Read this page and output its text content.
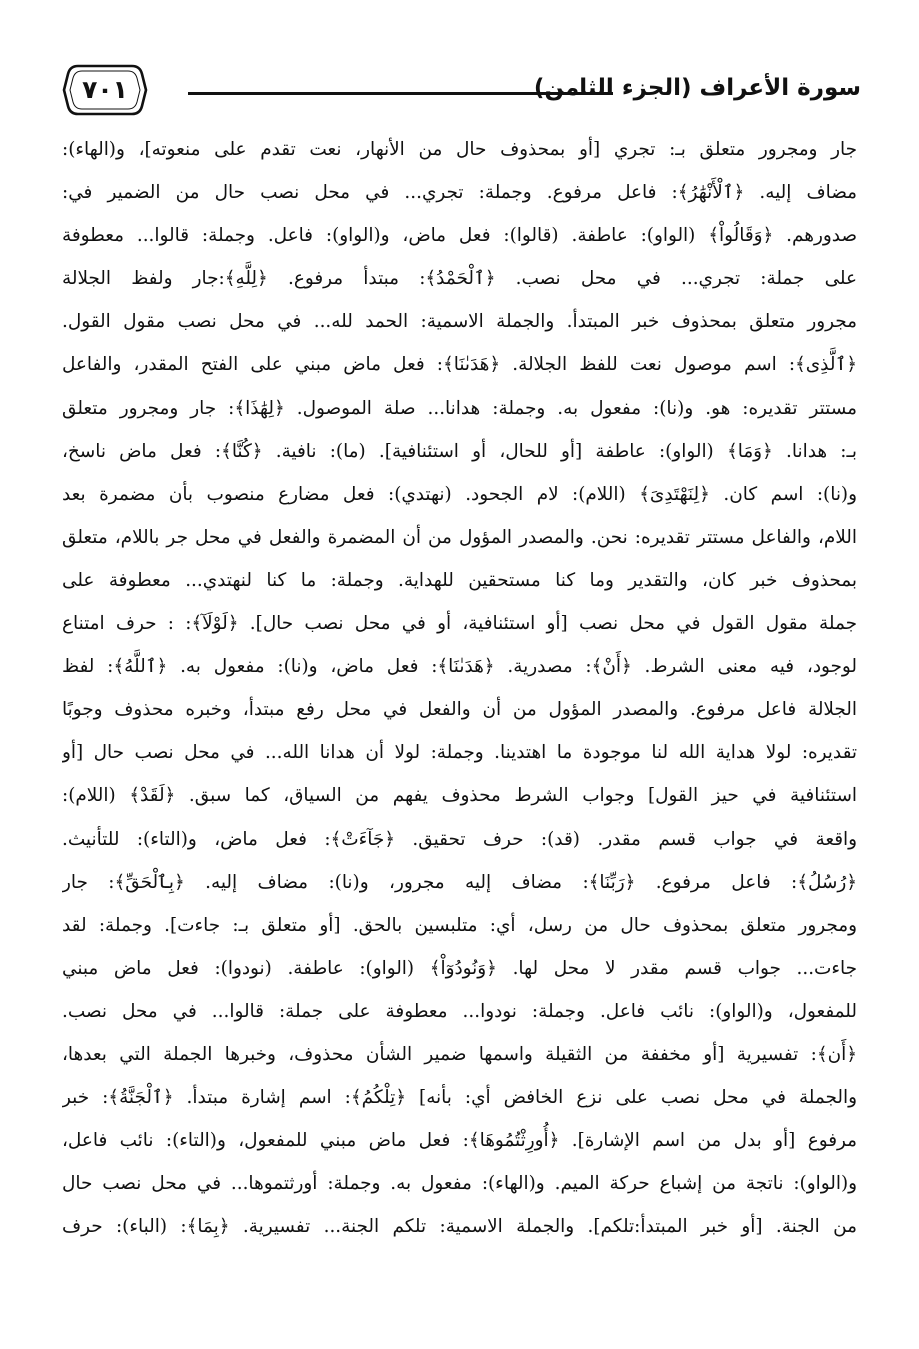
سورة الأعراف (الجزء الثامن)
٧٠١
جار ومجرور متعلق بـ: تجري [أو بمحذوف حال من الأنهار، نعت تقدم على منعوته]، و(الهاء):
مضاف إليه. ﴿ٱلْأَنْهَٰرُ﴾: فاعل مرفوع. وجملة: تجري... في محل نصب حال من الضمير في:
صدورهم. ﴿وَقَالُواْ﴾ (الواو): عاطفة. (قالوا): فعل ماض، و(الواو): فاعل. وجملة: قالوا... معطوفة
على جملة: تجري... في محل نصب. ﴿ٱلْحَمْدُ﴾: مبتدأ مرفوع. ﴿لِلَّهِ﴾:جار ولفظ الجلالة
مجرور متعلق بمحذوف خبر المبتدأ. والجملة الاسمية: الحمد لله... في محل نصب مقول القول.
﴿ٱلَّذِى﴾: اسم موصول نعت للفظ الجلالة. ﴿هَدَىٰنَا﴾: فعل ماض مبني على الفتح المقدر، والفاعل
مستتر تقديره: هو. و(نا): مفعول به. وجملة: هدانا... صلة الموصول. ﴿لِهَٰذَا﴾: جار ومجرور متعلق
بـ: هدانا. ﴿وَمَا﴾ (الواو): عاطفة [أو للحال، أو استئنافية]. (ما): نافية. ﴿كُنَّا﴾: فعل ماض ناسخ،
و(نا): اسم كان. ﴿لِنَهْتَدِىَ﴾ (اللام): لام الجحود. (نهتدي): فعل مضارع منصوب بأن مضمرة بعد
اللام، والفاعل مستتر تقديره: نحن. والمصدر المؤول من أن المضمرة والفعل في محل جر باللام، متعلق
بمحذوف خبر كان، والتقدير وما كنا مستحقين للهداية. وجملة: ما كنا لنهتدي... معطوفة على
جملة مقول القول في محل نصب [أو استئنافية، أو في محل نصب حال]. ﴿لَوْلَآ﴾: : حرف امتناع
لوجود، فيه معنى الشرط. ﴿أَنْ﴾: مصدرية. ﴿هَدَىٰنَا﴾: فعل ماض، و(نا): مفعول به. ﴿ٱللَّهُ﴾: لفظ
الجلالة فاعل مرفوع. والمصدر المؤول من أن والفعل في محل رفع مبتدأ، وخبره محذوف وجوبًا
تقديره: لولا هداية الله لنا موجودة ما اهتدينا. وجملة: لولا أن هدانا الله... في محل نصب حال [أو
استئنافية في حيز القول] وجواب الشرط محذوف يفهم من السياق، كما سبق. ﴿لَقَدْ﴾ (اللام):
واقعة في جواب قسم مقدر. (قد): حرف تحقيق. ﴿جَآءَتْ﴾: فعل ماض، و(التاء): للتأنيث.
﴿رُسُلُ﴾: فاعل مرفوع. ﴿رَبِّنَا﴾: مضاف إليه مجرور، و(نا): مضاف إليه. ﴿بِٱلْحَقِّ﴾: جار
ومجرور متعلق بمحذوف حال من رسل، أي: متلبسين بالحق. [أو متعلق بـ: جاءت]. وجملة: لقد
جاءت... جواب قسم مقدر لا محل لها. ﴿وَنُودُوٓاْ﴾ (الواو): عاطفة. (نودوا): فعل ماض مبني
للمفعول، و(الواو): نائب فاعل. وجملة: نودوا... معطوفة على جملة: قالوا... في محل نصب.
﴿أَن﴾: تفسيرية [أو مخففة من الثقيلة واسمها ضمير الشأن محذوف، وخبرها الجملة التي بعدها،
والجملة في محل نصب على نزع الخافض أي: بأنه] ﴿تِلْكُمُ﴾: اسم إشارة مبتدأ. ﴿ٱلْجَنَّةُ﴾: خبر
مرفوع [أو بدل من اسم الإشارة]. ﴿أُورِثْتُمُوهَا﴾: فعل ماض مبني للمفعول، و(التاء): نائب فاعل،
و(الواو): ناتجة من إشباع حركة الميم. و(الهاء): مفعول به. وجملة: أورثتموها... في محل نصب حال
من الجنة. [أو خبر المبتدأ:تلكم]. والجملة الاسمية: تلكم الجنة... تفسيرية. ﴿بِمَا﴾: (الباء): حرف
